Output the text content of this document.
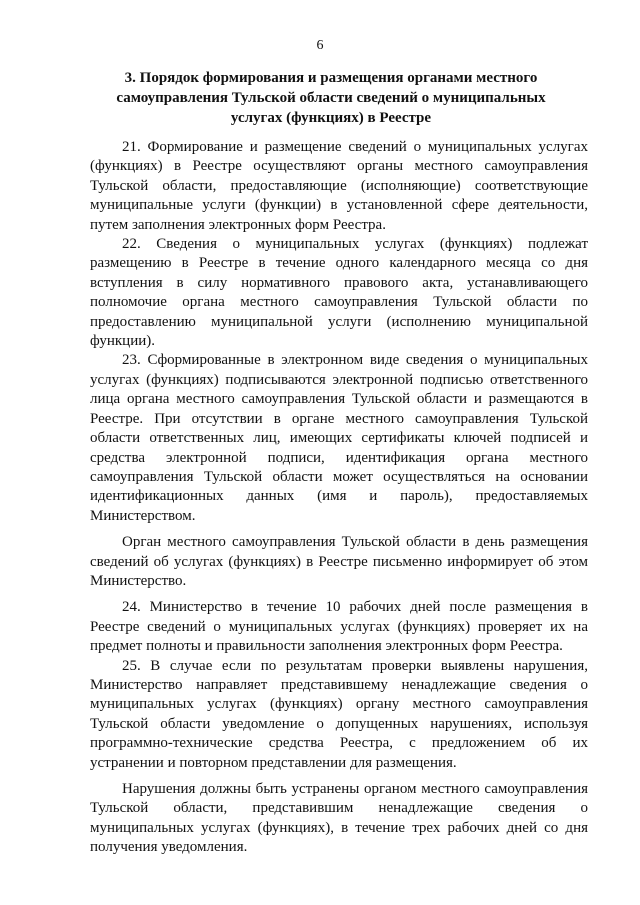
6
3. Порядок формирования и размещения органами местного самоуправления Тульской области сведений о муниципальных услугах (функциях) в Реестре

21. Формирование и размещение сведений о муниципальных услугах (функциях) в Реестре осуществляют органы местного самоуправления Тульской области, предоставляющие (исполняющие) соответствующие муниципальные услуги (функции) в установленной сфере деятельности, путем заполнения электронных форм Реестра.

22. Сведения о муниципальных услугах (функциях) подлежат размещению в Реестре в течение одного календарного месяца со дня вступления в силу нормативного правового акта, устанавливающего полномочие органа местного самоуправления Тульской области по предоставлению муниципальной услуги (исполнению муниципальной функции).

23. Сформированные в электронном виде сведения о муниципальных услугах (функциях) подписываются электронной подписью ответственного лица органа местного самоуправления Тульской области и размещаются в Реестре. При отсутствии в органе местного самоуправления Тульской области ответственных лиц, имеющих сертификаты ключей подписей и средства электронной подписи, идентификация органа местного самоуправления Тульской области может осуществляться на основании идентификационных данных (имя и пароль), предоставляемых Министерством.

Орган местного самоуправления Тульской области в день размещения сведений об услугах (функциях) в Реестре письменно информирует об этом Министерство.

24. Министерство в течение 10 рабочих дней после размещения в Реестре сведений о муниципальных услугах (функциях) проверяет их на предмет полноты и правильности заполнения электронных форм Реестра.

25. В случае если по результатам проверки выявлены нарушения, Министерство направляет представившему ненадлежащие сведения о муниципальных услугах (функциях) органу местного самоуправления Тульской области уведомление о допущенных нарушениях, используя программно-технические средства Реестра, с предложением об их устранении и повторном представлении для размещения.

Нарушения должны быть устранены органом местного самоуправления Тульской области, представившим ненадлежащие сведения о муниципальных услугах (функциях), в течение трех рабочих дней со дня получения уведомления.
